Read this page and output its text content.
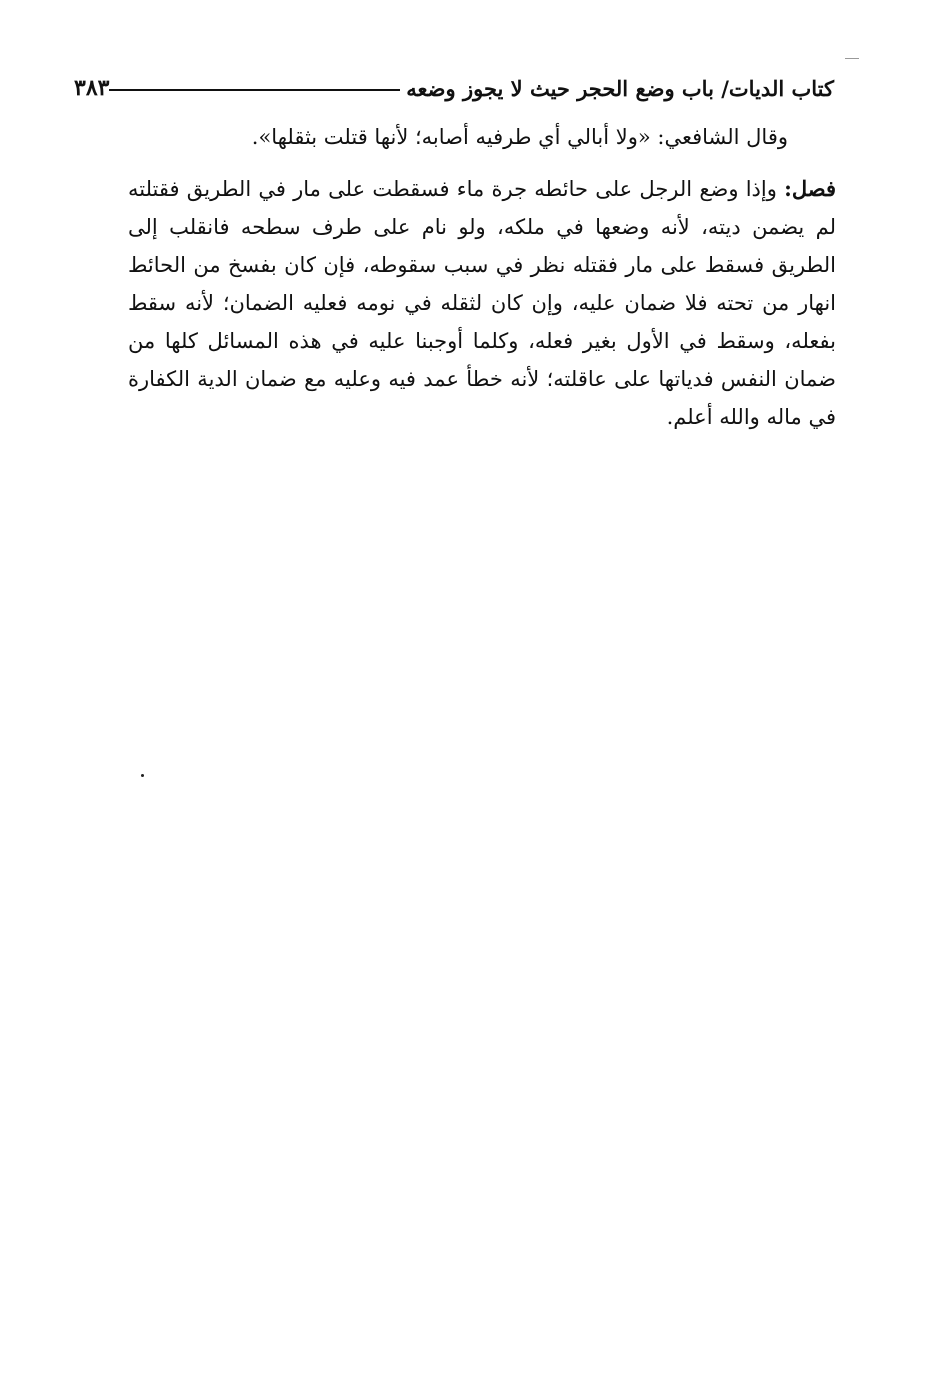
٣٨٣	كتاب الديات/ باب وضع الحجر حيث لا يجوز وضعه

وقال الشافعي: «ولا أبالي أي طرفيه أصابه؛ لأنها قتلت بثقلها».

فصل: وإذا وضع الرجل على حائطه جرة ماء فسقطت على مار في الطريق فقتلته لم يضمن ديته، لأنه وضعها في ملكه، ولو نام على طرف سطحه فانقلب إلى الطريق فسقط على مار فقتله نظر في سبب سقوطه، فإن كان بفسخ من الحائط انهار من تحته فلا ضمان عليه، وإن كان لثقله في نومه فعليه الضمان؛ لأنه سقط بفعله، وسقط في الأول بغير فعله، وكلما أوجبنا عليه في هذه المسائل كلها من ضمان النفس فدياتها على عاقلته؛ لأنه خطأ عمد فيه وعليه مع ضمان الدية الكفارة في ماله والله أعلم.
